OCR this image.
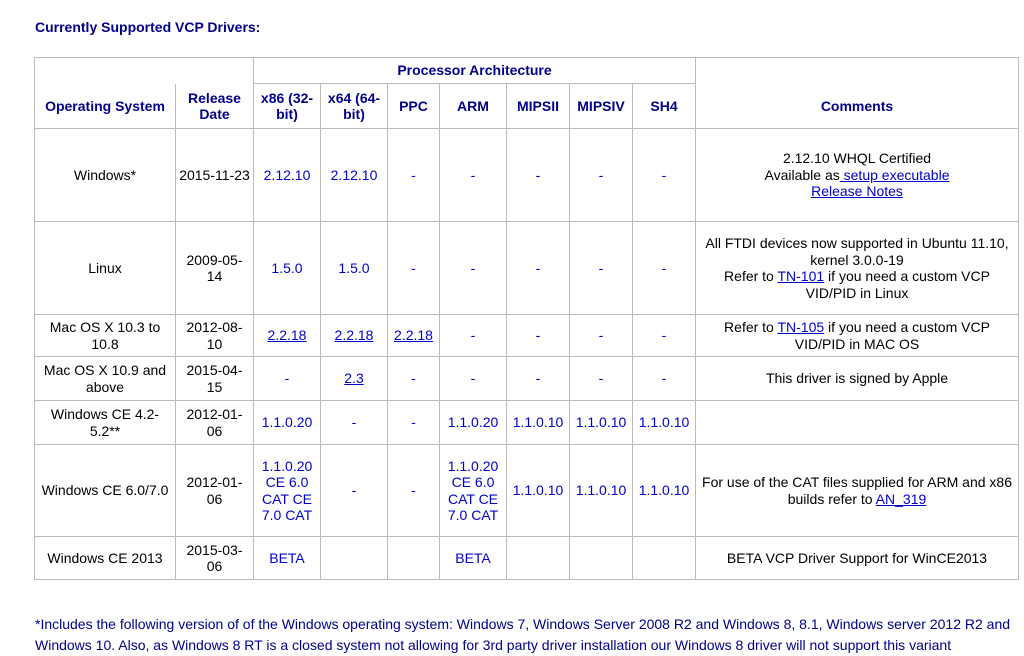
Currently Supported VCP Drivers:
		Processor Architecture							
Operating System	Release Date	x86 (32-bit)	x64 (64-bit)	PPC	ARM	MIPSII	MIPSIV	SH4	Comments
Windows*	2015-11-23	2.12.10	2.12.10	-	-	-	-	-	2.12.10 WHQL Certified
Available as setup executable
Release Notes
Linux	2009-05-14	1.5.0	1.5.0	-	-	-	-	-	All FTDI devices now supported in Ubuntu 11.10, kernel 3.0.0-19
Refer to TN-101 if you need a custom VCP VID/PID in Linux
Mac OS X 10.3 to 10.8	2012-08-10	2.2.18	2.2.18	2.2.18	-	-	-	-	Refer to TN-105 if you need a custom VCP VID/PID in MAC OS
Mac OS X 10.9 and above	2015-04-15	-	2.3	-	-	-	-	-	This driver is signed by Apple
Windows CE 4.2-5.2**	2012-01-06	1.1.0.20	-	-	1.1.0.20	1.1.0.10	1.1.0.10	1.1.0.10	
Windows CE 6.0/7.0	2012-01-06	1.1.0.20 CE 6.0 CAT CE 7.0 CAT	-	-	1.1.0.20 CE 6.0 CAT CE 7.0 CAT	1.1.0.10	1.1.0.10	1.1.0.10	For use of the CAT files supplied for ARM and x86 builds refer to AN_319
Windows CE 2013	2015-03-06	BETA			BETA				BETA VCP Driver Support for WinCE2013

*Includes the following version of of the Windows operating system: Windows 7, Windows Server 2008 R2 and Windows 8, 8.1, Windows server 2012 R2 and Windows 10. Also, as Windows 8 RT is a closed system not allowing for 3rd party driver installation our Windows 8 driver will not support this variant
